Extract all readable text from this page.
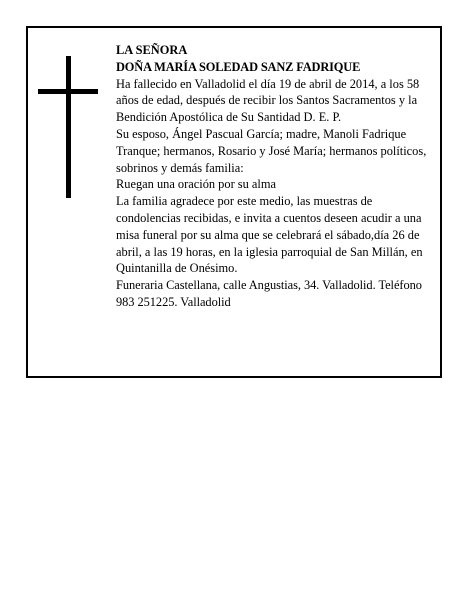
LA SEÑORA

DOÑA MARÍA SOLEDAD SANZ FADRIQUE

Ha fallecido en Valladolid el día 19 de abril de 2014, a los 58 años de edad, después de recibir los Santos Sacramentos y la Bendición Apostólica de Su Santidad D. E. P.

Su esposo, Ángel Pascual García; madre, Manoli Fadrique Tranque; hermanos, Rosario y José María; hermanos políticos, sobrinos y demás familia:

Ruegan una oración por su alma

La familia agradece por este medio, las muestras de condolencias recibidas, e invita a cuentos deseen acudir a una misa funeral por su alma que se celebrará el sábado,día 26 de abril, a las 19 horas, en la iglesia parroquial de San Millán, en Quintanilla de Onésimo.

Funeraria Castellana, calle Angustias, 34. Valladolid. Teléfono 983 251225. Valladolid
